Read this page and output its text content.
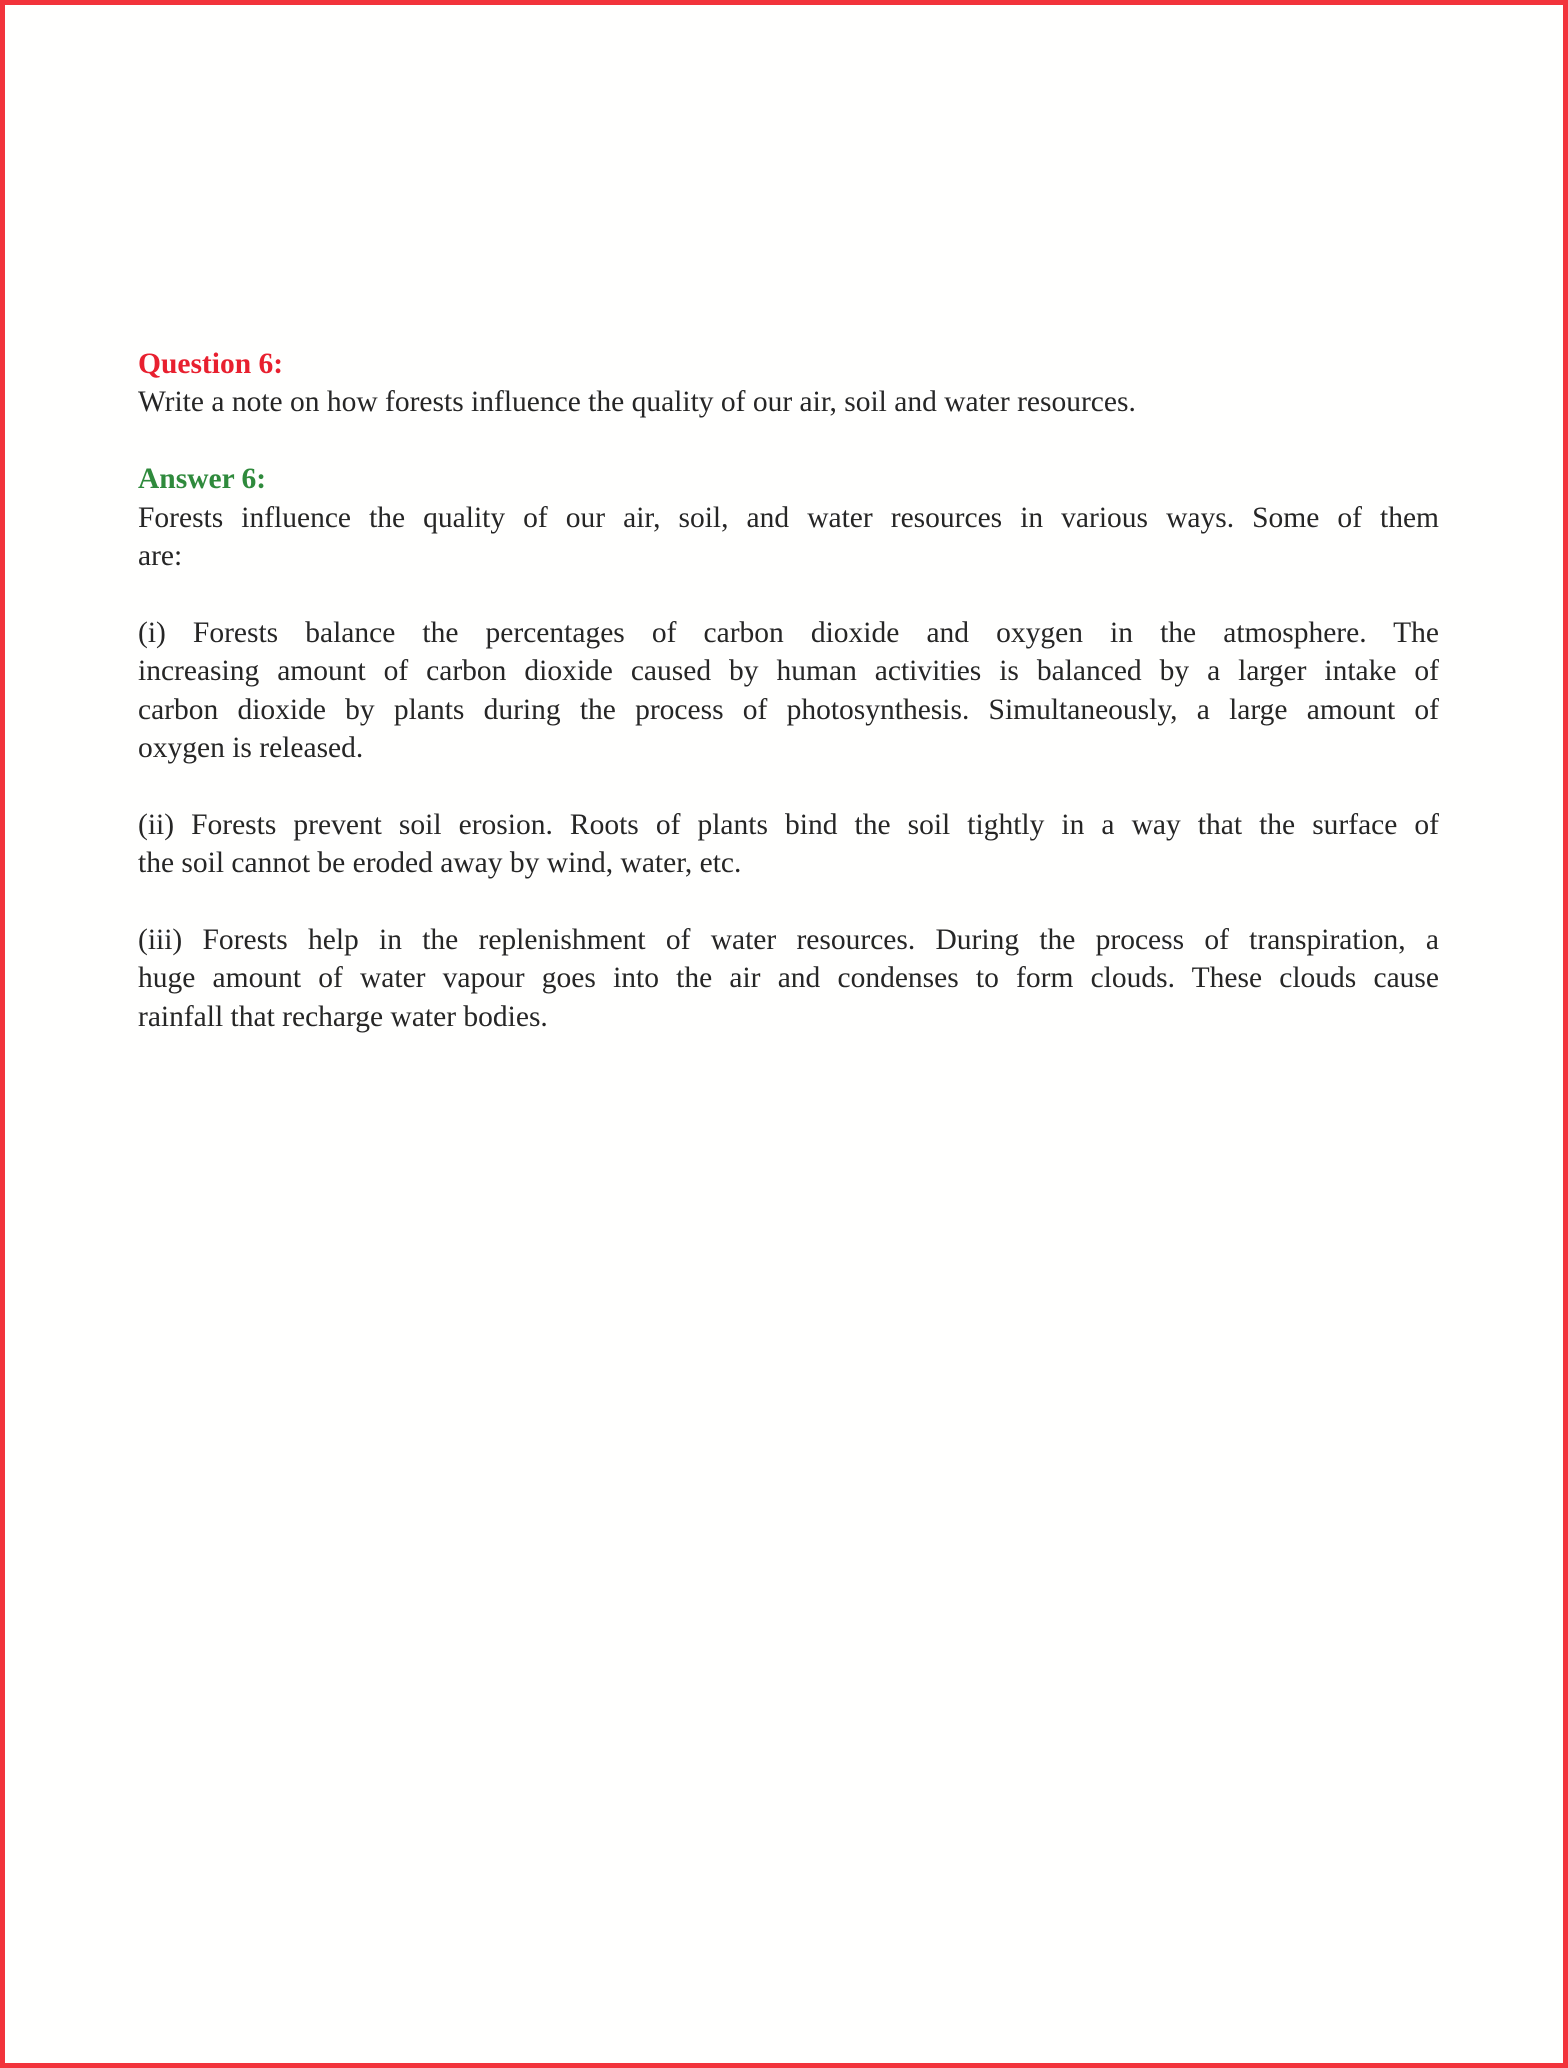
Question 6:
Write a note on how forests influence the quality of our air, soil and water resources.
Answer 6:
Forests influence the quality of our air, soil, and water resources in various ways. Some of them
are:
(i) Forests balance the percentages of carbon dioxide and oxygen in the atmosphere. The
increasing amount of carbon dioxide caused by human activities is balanced by a larger intake of
carbon dioxide by plants during the process of photosynthesis. Simultaneously, a large amount of
oxygen is released.
(ii) Forests prevent soil erosion. Roots of plants bind the soil tightly in a way that the surface of
the soil cannot be eroded away by wind, water, etc.
(iii) Forests help in the replenishment of water resources. During the process of transpiration, a
huge amount of water vapour goes into the air and condenses to form clouds. These clouds cause
rainfall that recharge water bodies.
